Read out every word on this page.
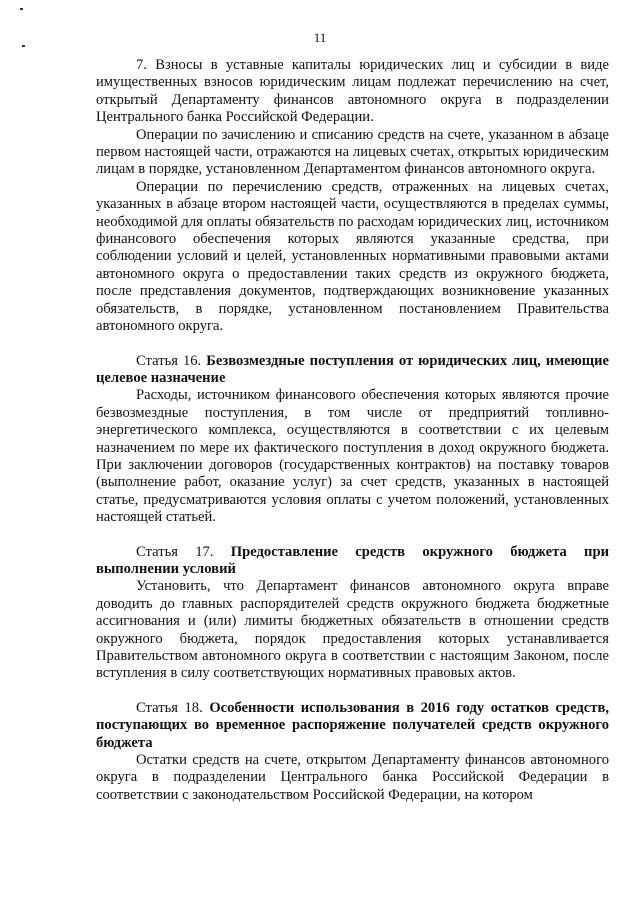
11

7. Взносы в уставные капиталы юридических лиц и субсидии в виде имущественных взносов юридическим лицам подлежат перечислению на счет, открытый Департаменту финансов автономного округа в подразделении Центрального банка Российской Федерации.

Операции по зачислению и списанию средств на счете, указанном в абзаце первом настоящей части, отражаются на лицевых счетах, открытых юридическим лицам в порядке, установленном Департаментом финансов автономного округа.

Операции по перечислению средств, отраженных на лицевых счетах, указанных в абзаце втором настоящей части, осуществляются в пределах суммы, необходимой для оплаты обязательств по расходам юридических лиц, источником финансового обеспечения которых являются указанные средства, при соблюдении условий и целей, установленных нормативными правовыми актами автономного округа о предоставлении таких средств из окружного бюджета, после представления документов, подтверждающих возникновение указанных обязательств, в порядке, установленном постановлением Правительства автономного округа.

Статья 16. Безвозмездные поступления от юридических лиц, имеющие целевое назначение

Расходы, источником финансового обеспечения которых являются прочие безвозмездные поступления, в том числе от предприятий топливно-энергетического комплекса, осуществляются в соответствии с их целевым назначением по мере их фактического поступления в доход окружного бюджета. При заключении договоров (государственных контрактов) на поставку товаров (выполнение работ, оказание услуг) за счет средств, указанных в настоящей статье, предусматриваются условия оплаты с учетом положений, установленных настоящей статьей.

Статья 17. Предоставление средств окружного бюджета при выполнении условий

Установить, что Департамент финансов автономного округа вправе доводить до главных распорядителей средств окружного бюджета бюджетные ассигнования и (или) лимиты бюджетных обязательств в отношении средств окружного бюджета, порядок предоставления которых устанавливается Правительством автономного округа в соответствии с настоящим Законом, после вступления в силу соответствующих нормативных правовых актов.

Статья 18. Особенности использования в 2016 году остатков средств, поступающих во временное распоряжение получателей средств окружного бюджета

Остатки средств на счете, открытом Департаменту финансов автономного округа в подразделении Центрального банка Российской Федерации в соответствии с законодательством Российской Федерации, на котором
